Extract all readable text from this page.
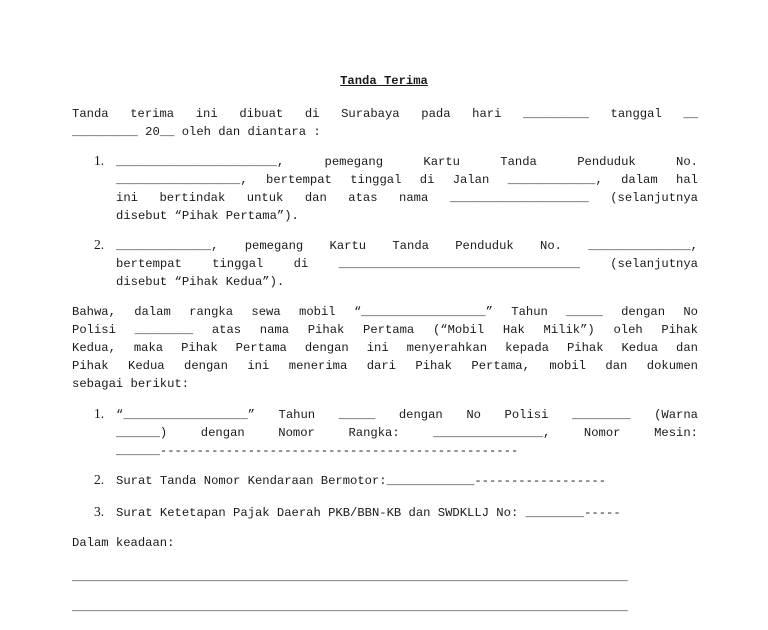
Tanda Terima
Tanda terima ini dibuat di Surabaya pada hari _________ tanggal __
_________ 20__ oleh dan diantara :
1. ______________________, pemegang Kartu Tanda Penduduk No.
_________________, bertempat tinggal di Jalan ____________, dalam hal
ini bertindak untuk dan atas nama ___________________ (selanjutnya
disebut “Pihak Pertama”).
2. _____________, pemegang Kartu Tanda Penduduk No. ______________,
bertempat tinggal di _________________________________ (selanjutnya
disebut “Pihak Kedua”).
Bahwa, dalam rangka sewa mobil “_________________” Tahun _____ dengan No
Polisi ________ atas nama Pihak Pertama (“Mobil Hak Milik”) oleh Pihak
Kedua, maka Pihak Pertama dengan ini menyerahkan kepada Pihak Kedua dan
Pihak Kedua dengan ini menerima dari Pihak Pertama, mobil dan dokumen
sebagai berikut:
1. “_________________” Tahun _____ dengan No Polisi ________ (Warna
______) dengan Nomor Rangka: _______________, Nomor Mesin:
______-------------------------------------------------
2. Surat Tanda Nomor Kendaraan Bermotor:____________------------------
3. Surat Ketetapan Pajak Daerah PKB/BBN-KB dan SWDKLLJ No: ________-----
Dalam keadaan:
____________________________________________________________________________
____________________________________________________________________________
